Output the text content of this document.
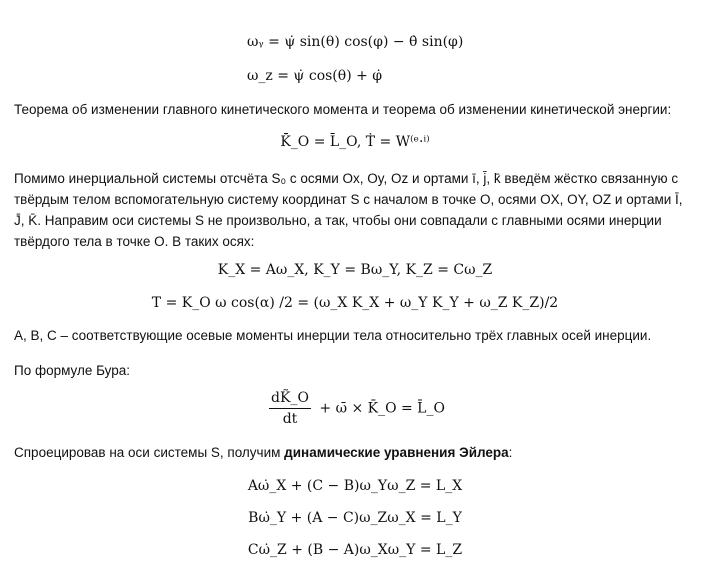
ωᵧ = ψ̇ sin(θ) cos(φ) − θ̇ sin(φ)
ω_z = ψ̇ cos(θ) + φ̇
Теорема об изменении главного кинетического момента и теорема об изменении кинетической энергии:
K̄̇_O = L̄_O, Ṫ = W⁽ᵉ·ⁱ⁾
Помимо инерциальной системы отсчёта S₀ с осями Ox, Oy, Oz и ортами ī, j̄, k̄ введём жёстко связанную с твёрдым телом вспомогательную систему координат S с началом в точке O, осями OX, OY, OZ и ортами Ī, J̄, K̄. Направим оси системы S не произвольно, а так, чтобы они совпадали с главными осями инерции твёрдого тела в точке O. В таких осях:
K_X = Aω_X, K_Y = Bω_Y, K_Z = Cω_Z
T = K_O ω cos(α) /2 = (ω_X K_X + ω_Y K_Y + ω_Z K_Z)/2
A, B, C – соответствующие осевые моменты инерции тела относительно трёх главных осей инерции.
По формуле Бура:
$\frac{dK̃\_O}{dt}$ + ω̄ × K̄_O = L̄_O
Спроецировав на оси системы S, получим динамические уравнения Эйлера:
Aω̇_X + (C − B)ω_Yω_Z = L_X
Bω̇_Y + (A − C)ω_Zω_X = L_Y
Cω̇_Z + (B − A)ω_Xω_Y = L_Z
